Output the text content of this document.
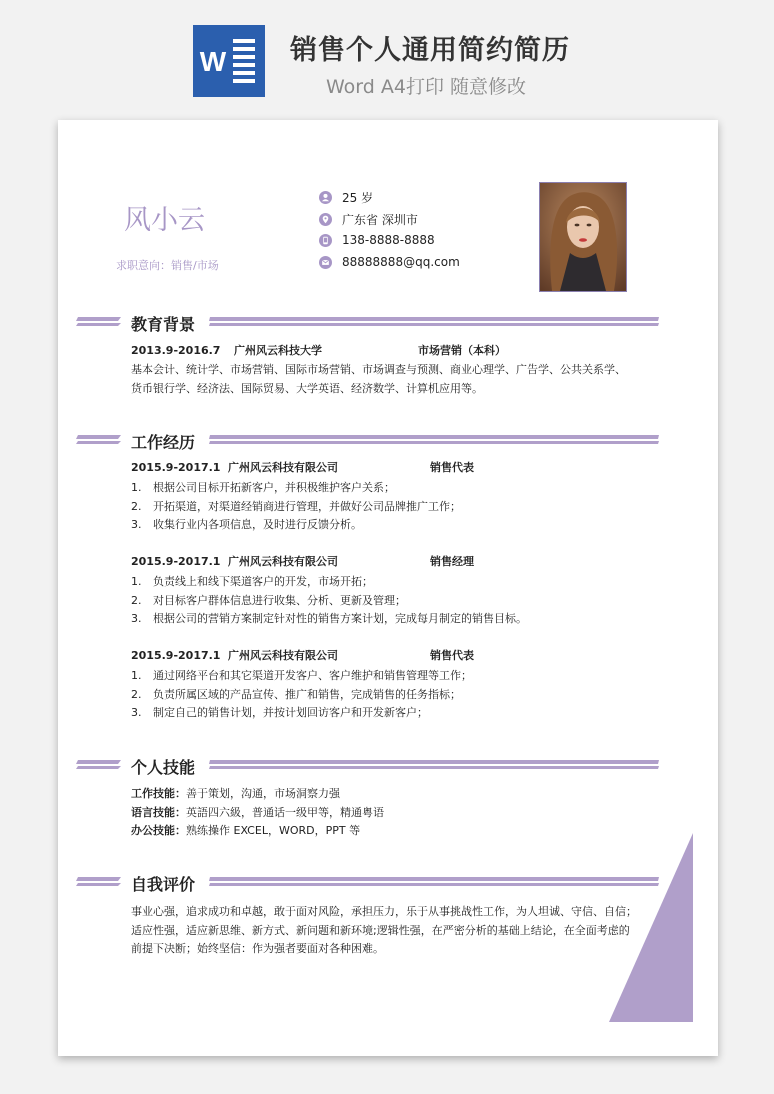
W 销售个人通用简约简历
Word A4打印 随意修改
风小云
求职意向：销售/市场
25 岁
广东省 深圳市
138-8888-8888
88888888@qq.com
教育背景
2013.9-2016.7 广州风云科技大学	市场营销（本科）
基本会计、统计学、市场营销、国际市场营销、市场调查与预测、商业心理学、广告学、公共关系学、
货币银行学、经济法、国际贸易、大学英语、经济数学、计算机应用等。
工作经历
2015.9-2017.1 广州风云科技有限公司	销售代表
1. 根据公司目标开拓新客户，并积极维护客户关系；
2. 开拓渠道，对渠道经销商进行管理，并做好公司品牌推广工作；
3. 收集行业内各项信息，及时进行反馈分析。
2015.9-2017.1 广州风云科技有限公司	销售经理
1. 负责线上和线下渠道客户的开发，市场开拓；
2. 对目标客户群体信息进行收集、分析、更新及管理；
3. 根据公司的营销方案制定针对性的销售方案计划，完成每月制定的销售目标。
2015.9-2017.1 广州风云科技有限公司	销售代表
1. 通过网络平台和其它渠道开发客户、客户维护和销售管理等工作；
2. 负责所属区域的产品宣传、推广和销售，完成销售的任务指标；
3. 制定自己的销售计划，并按计划回访客户和开发新客户；
个人技能
工作技能：善于策划，沟通，市场洞察力强
语言技能：英語四六級，普通话一级甲等，精通粤语
办公技能：熟练操作 EXCEL，WORD，PPT 等
自我评价
事业心强，追求成功和卓越，敢于面对风险，承担压力，乐于从事挑战性工作，为人坦诚、守信、自信；
适应性强，适应新思维、新方式、新问题和新环境;逻辑性强，在严密分析的基础上结论，在全面考虑的
前提下决断；始终坚信：作为强者要面对各种困难。
